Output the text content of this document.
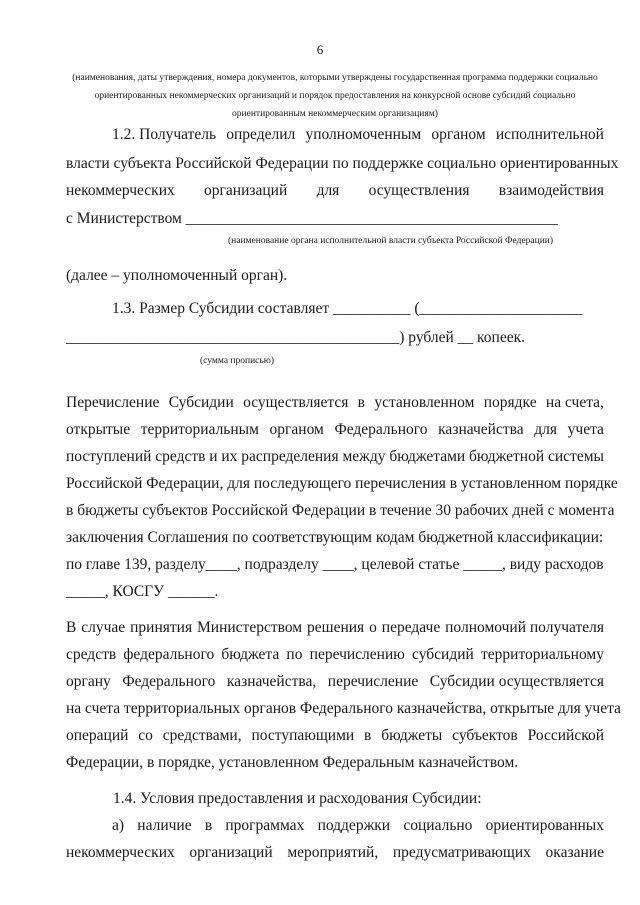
6
(наименования, даты утверждения, номера документов, которыми утверждены государственная программа поддержки социально
ориентированных некоммерческих организаций и порядок предоставления на конкурсной основе субсидий социально
ориентированным некоммерческим организациям)
1.2. Получатель определил уполномоченным органом исполнительной
власти субъекта Российской Федерации по поддержке социально ориентированных
некоммерческих организаций для осуществления взаимодействия
с Министерством ________________________________________________
(наименование органа исполнительной власти субъекта Российской Федерации)
(далее – уполномоченный орган).
1.3. Размер Субсидии составляет __________ (_____________________
___________________________________________) рублей __ копеек.
(сумма прописью)
Перечисление Субсидии осуществляется в установленном порядке на счета,
открытые территориальным органом Федерального казначейства для учета
поступлений средств и их распределения между бюджетами бюджетной системы
Российской Федерации, для последующего перечисления в установленном порядке
в бюджеты субъектов Российской Федерации в течение 30 рабочих дней с момента
заключения Соглашения по соответствующим кодам бюджетной классификации:
по главе 139, разделу____, подразделу ____, целевой статье _____, виду расходов
_____, КОСГУ ______.
В случае принятия Министерством решения о передаче полномочий получателя
средств федерального бюджета по перечислению субсидий территориальному
органу Федерального казначейства, перечисление Субсидии осуществляется
на счета территориальных органов Федерального казначейства, открытые для учета
операций со средствами, поступающими в бюджеты субъектов Российской
Федерации, в порядке, установленном Федеральным казначейством.
1.4. Условия предоставления и расходования Субсидии:
а) наличие в программах поддержки социально ориентированных
некоммерческих организаций мероприятий, предусматривающих оказание
